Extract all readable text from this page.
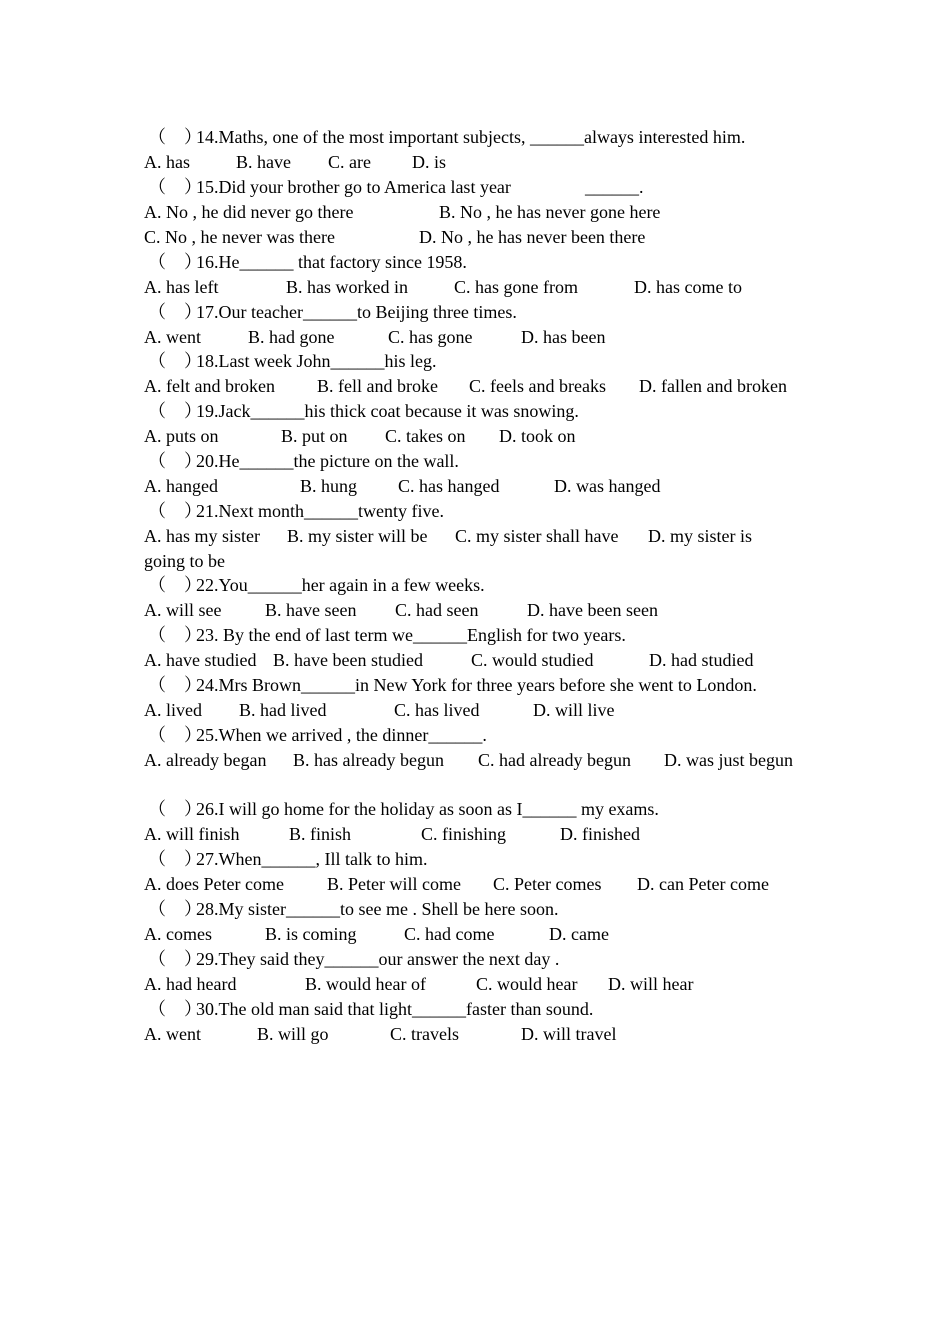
（　）
14.Maths, one of the most important subjects, ______always interested him.
A. has	B. have C. are D. is
（　）
15.Did your brother go to America last year	______.
A. No , he did never go there	B. No , he has never gone here
C. No , he never was there	D. No , he has never been there
（　）
16.He______ that factory since 1958.
A. has left	B. has worked in	C. has gone from	D. has come to
（　）
17.Our teacher______to Beijing three times.
A. went	B. had gone	C. has gone	D. has been
（　）
18.Last week John______his leg.
A. felt and broken B. fell and broke C. feels and breaks D. fallen and broken
（　）
19.Jack______his thick coat because it was snowing.
A. puts on	B. put on C. takes on D. took on
（　）
20.He______the picture on the wall.
A. hanged	B. hung C. has hanged	D. was hanged
（　）
21.Next month______twenty five.
A. has my sister B. my sister will be C. my sister shall have D. my sister is
going to be
（　）
22.You______her again in a few weeks.
A. will see B. have seen C. had seen	D. have been seen
（　）
23. By the end of last term we______English for two years.
A. have studied B. have been studied	C. would studied	D. had studied
（　）
24.Mrs Brown______in New York for three years before she went to London.
A. lived B. had lived	C. has lived	D. will live
（　）
25.When we arrived , the dinner______.
A. already began B. has already begun C. had already begun D. was just begun
（　）
26.I will go home for the holiday as soon as I______ my exams.
A. will finish	B. finish	C. finishing	D. finished
（　）
27.When______, Ill talk to him.
A. does Peter come B. Peter will come C. Peter comes D. can Peter come
（　）
28.My sister______to see me . Shell be here soon.
A. comes	B. is coming	C. had come	D. came
（　）
29.They said they______our answer the next day .
A. had heard	B. would hear of	C. would hear D. will hear
（　）
30.The old man said that light______faster than sound.
A. went	B. will go	C. travels	D. will travel
